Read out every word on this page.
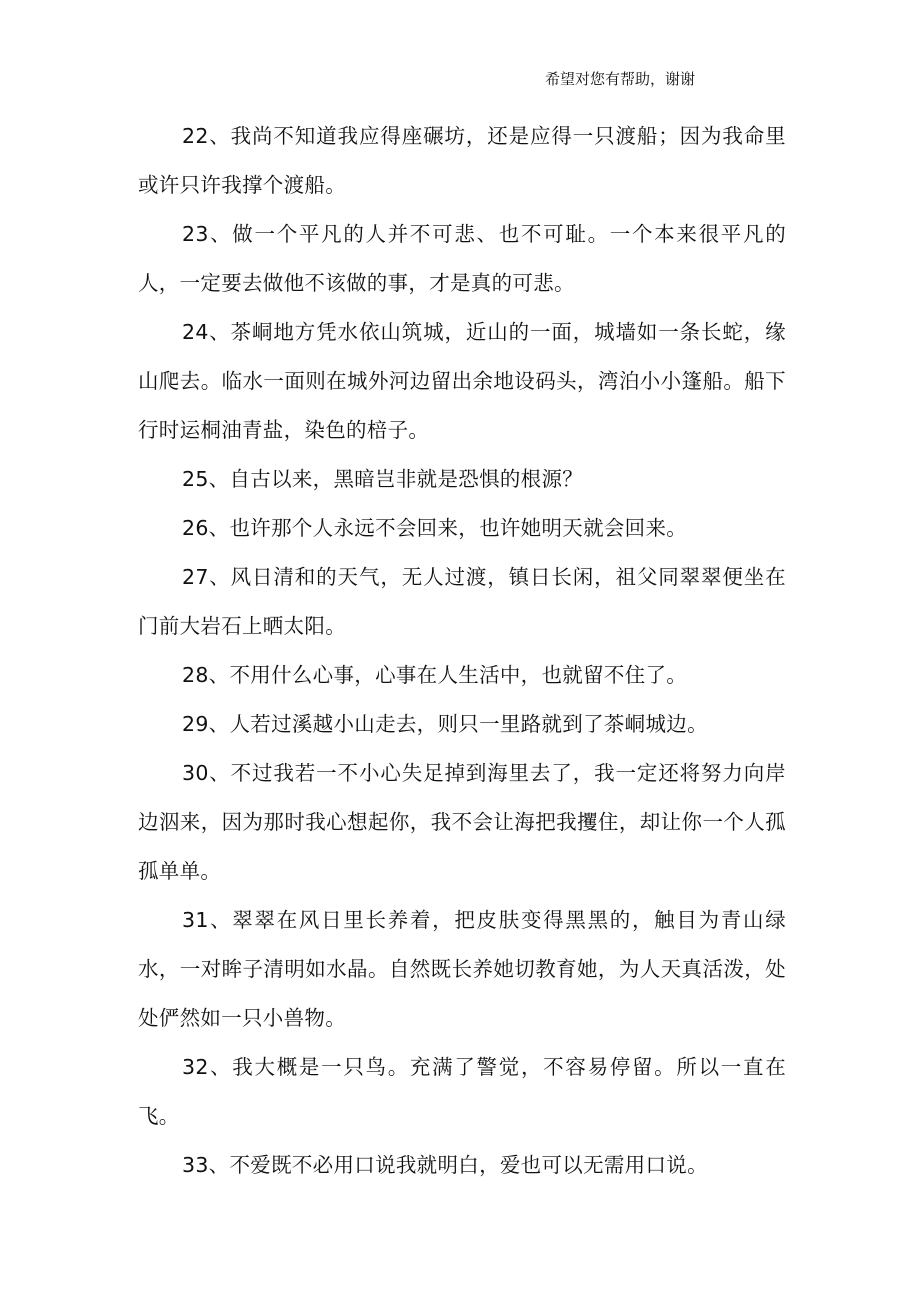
希望对您有帮助，谢谢

22、我尚不知道我应得座碾坊，还是应得一只渡船；因为我命里或许只许我撑个渡船。

23、做一个平凡的人并不可悲、也不可耻。一个本来很平凡的人，一定要去做他不该做的事，才是真的可悲。

24、茶峒地方凭水依山筑城，近山的一面，城墙如一条长蛇，缘山爬去。临水一面则在城外河边留出余地设码头，湾泊小小篷船。船下行时运桐油青盐，染色的棓子。

25、自古以来，黑暗岂非就是恐惧的根源？

26、也许那个人永远不会回来，也许她明天就会回来。

27、风日清和的天气，无人过渡，镇日长闲，祖父同翠翠便坐在门前大岩石上晒太阳。

28、不用什么心事，心事在人生活中，也就留不住了。

29、人若过溪越小山走去，则只一里路就到了茶峒城边。

30、不过我若一不小心失足掉到海里去了，我一定还将努力向岸边泅来，因为那时我心想起你，我不会让海把我攫住，却让你一个人孤孤单单。

31、翠翠在风日里长养着，把皮肤变得黑黑的，触目为青山绿水，一对眸子清明如水晶。自然既长养她切教育她，为人天真活泼，处处俨然如一只小兽物。

32、我大概是一只鸟。充满了警觉，不容易停留。所以一直在飞。

33、不爱既不必用口说我就明白，爱也可以无需用口说。
